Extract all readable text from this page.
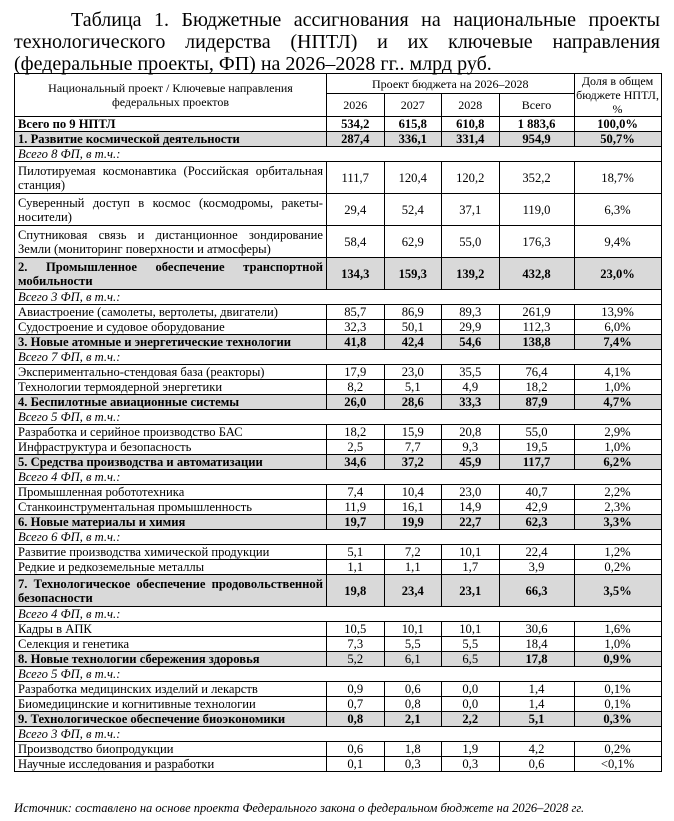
Таблица 1. Бюджетные ассигнования на национальные проекты технологического лидерства (НПТЛ) и их ключевые направления (федеральные проекты, ФП) на 2026–2028 гг.. млрд руб.
Национальный проект / Ключевые направления федеральных проектов	Проект бюджета на 2026–2028				Доля в общем бюджете НПТЛ, %
	2026	2027	2028	Всего	
Всего по 9 НПТЛ	534,2	615,8	610,8	1 883,6	100,0%
1. Развитие космической деятельности	287,4	336,1	331,4	954,9	50,7%
Всего 8 ФП, в т.ч.:					
Пилотируемая космонавтика (Российская орбитальная станция)	111,7	120,4	120,2	352,2	18,7%
Суверенный доступ в космос (космодромы, ракеты-носители)	29,4	52,4	37,1	119,0	6,3%
Спутниковая связь и дистанционное зондирование Земли (мониторинг поверхности и атмосферы)	58,4	62,9	55,0	176,3	9,4%
2. Промышленное обеспечение транспортной мобильности	134,3	159,3	139,2	432,8	23,0%
Всего 3 ФП, в т.ч.:					
Авиастроение (самолеты, вертолеты, двигатели)	85,7	86,9	89,3	261,9	13,9%
Судостроение и судовое оборудование	32,3	50,1	29,9	112,3	6,0%
3. Новые атомные и энергетические технологии	41,8	42,4	54,6	138,8	7,4%
Всего 7 ФП, в т.ч.:					
Экспериментально-стендовая база (реакторы)	17,9	23,0	35,5	76,4	4,1%
Технологии термоядерной энергетики	8,2	5,1	4,9	18,2	1,0%
4. Беспилотные авиационные системы	26,0	28,6	33,3	87,9	4,7%
Всего 5 ФП, в т.ч.:					
Разработка и серийное производство БАС	18,2	15,9	20,8	55,0	2,9%
Инфраструктура и безопасность	2,5	7,7	9,3	19,5	1,0%
5. Средства производства и автоматизации	34,6	37,2	45,9	117,7	6,2%
Всего 4 ФП, в т.ч.:					
Промышленная робототехника	7,4	10,4	23,0	40,7	2,2%
Станкоинструментальная промышленность	11,9	16,1	14,9	42,9	2,3%
6. Новые материалы и химия	19,7	19,9	22,7	62,3	3,3%
Всего 6 ФП, в т.ч.:					
Развитие производства химической продукции	5,1	7,2	10,1	22,4	1,2%
Редкие и редкоземельные металлы	1,1	1,1	1,7	3,9	0,2%
7. Технологическое обеспечение продовольственной безопасности	19,8	23,4	23,1	66,3	3,5%
Всего 4 ФП, в т.ч.:					
Кадры в АПК	10,5	10,1	10,1	30,6	1,6%
Селекция и генетика	7,3	5,5	5,5	18,4	1,0%
8. Новые технологии сбережения здоровья	5,2	6,1	6,5	17,8	0,9%
Всего 5 ФП, в т.ч.:					
Разработка медицинских изделий и лекарств	0,9	0,6	0,0	1,4	0,1%
Биомедицинские и когнитивные технологии	0,7	0,8	0,0	1,4	0,1%
9. Технологическое обеспечение биоэкономики	0,8	2,1	2,2	5,1	0,3%
Всего 3 ФП, в т.ч.:					
Производство биопродукции	0,6	1,8	1,9	4,2	0,2%
Научные исследования и разработки	0,1	0,3	0,3	0,6	<0,1%
Источник: составлено на основе проекта Федерального закона о федеральном бюджете на 2026–2028 гг.
